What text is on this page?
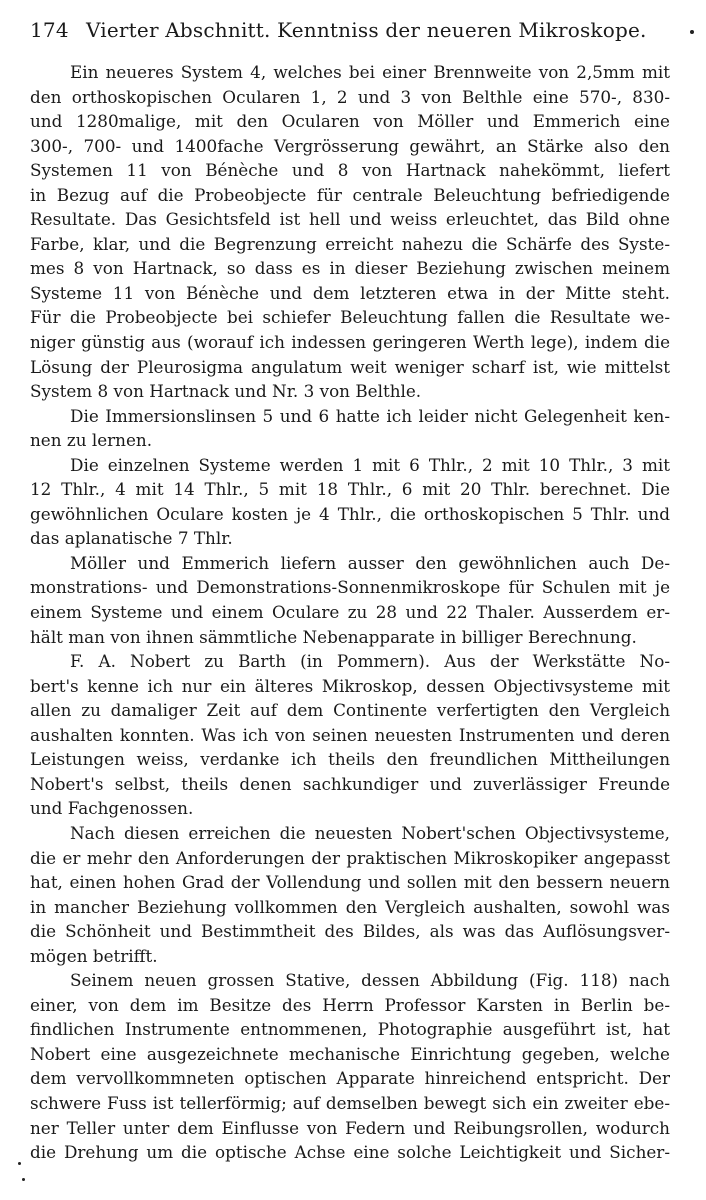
174 Vierter Abschnitt. Kenntniss der neueren Mikroskope.
Ein neueres System 4, welches bei einer Brennweite von 2,5mm mit
den orthoskopischen Ocularen 1, 2 und 3 von Belthle eine 570-, 830-
und 1280malige, mit den Ocularen von Möller und Emmerich eine
300-, 700- und 1400fache Vergrösserung gewährt, an Stärke also den
Systemen 11 von Bénèche und 8 von Hartnack nahekömmt, liefert
in Bezug auf die Probeobjecte für centrale Beleuchtung befriedigende
Resultate. Das Gesichtsfeld ist hell und weiss erleuchtet, das Bild ohne
Farbe, klar, und die Begrenzung erreicht nahezu die Schärfe des Syste-
mes 8 von Hartnack, so dass es in dieser Beziehung zwischen meinem
Systeme 11 von Bénèche und dem letzteren etwa in der Mitte steht.
Für die Probeobjecte bei schiefer Beleuchtung fallen die Resultate we-
niger günstig aus (worauf ich indessen geringeren Werth lege), indem die
Lösung der Pleurosigma angulatum weit weniger scharf ist, wie mittelst
System 8 von Hartnack und Nr. 3 von Belthle.
Die Immersionslinsen 5 und 6 hatte ich leider nicht Gelegenheit ken-
nen zu lernen.
Die einzelnen Systeme werden 1 mit 6 Thlr., 2 mit 10 Thlr., 3 mit
12 Thlr., 4 mit 14 Thlr., 5 mit 18 Thlr., 6 mit 20 Thlr. berechnet. Die
gewöhnlichen Oculare kosten je 4 Thlr., die orthoskopischen 5 Thlr. und
das aplanatische 7 Thlr.
Möller und Emmerich liefern ausser den gewöhnlichen auch De-
monstrations- und Demonstrations-Sonnenmikroskope für Schulen mit je
einem Systeme und einem Oculare zu 28 und 22 Thaler. Ausserdem er-
hält man von ihnen sämmtliche Nebenapparate in billiger Berechnung.
F. A. Nobert zu Barth (in Pommern). Aus der Werkstätte No-
bert's kenne ich nur ein älteres Mikroskop, dessen Objectivsysteme mit
allen zu damaliger Zeit auf dem Continente verfertigten den Vergleich
aushalten konnten. Was ich von seinen neuesten Instrumenten und deren
Leistungen weiss, verdanke ich theils den freundlichen Mittheilungen
Nobert's selbst, theils denen sachkundiger und zuverlässiger Freunde
und Fachgenossen.
Nach diesen erreichen die neuesten Nobert'schen Objectivsysteme,
die er mehr den Anforderungen der praktischen Mikroskopiker angepasst
hat, einen hohen Grad der Vollendung und sollen mit den bessern neuern
in mancher Beziehung vollkommen den Vergleich aushalten, sowohl was
die Schönheit und Bestimmtheit des Bildes, als was das Auflösungsver-
mögen betrifft.
Seinem neuen grossen Stative, dessen Abbildung (Fig. 118) nach
einer, von dem im Besitze des Herrn Professor Karsten in Berlin be-
findlichen Instrumente entnommenen, Photographie ausgeführt ist, hat
Nobert eine ausgezeichnete mechanische Einrichtung gegeben, welche
dem vervollkommneten optischen Apparate hinreichend entspricht. Der
schwere Fuss ist tellerförmig; auf demselben bewegt sich ein zweiter ebe-
ner Teller unter dem Einflusse von Federn und Reibungsrollen, wodurch
die Drehung um die optische Achse eine solche Leichtigkeit und Sicher-
